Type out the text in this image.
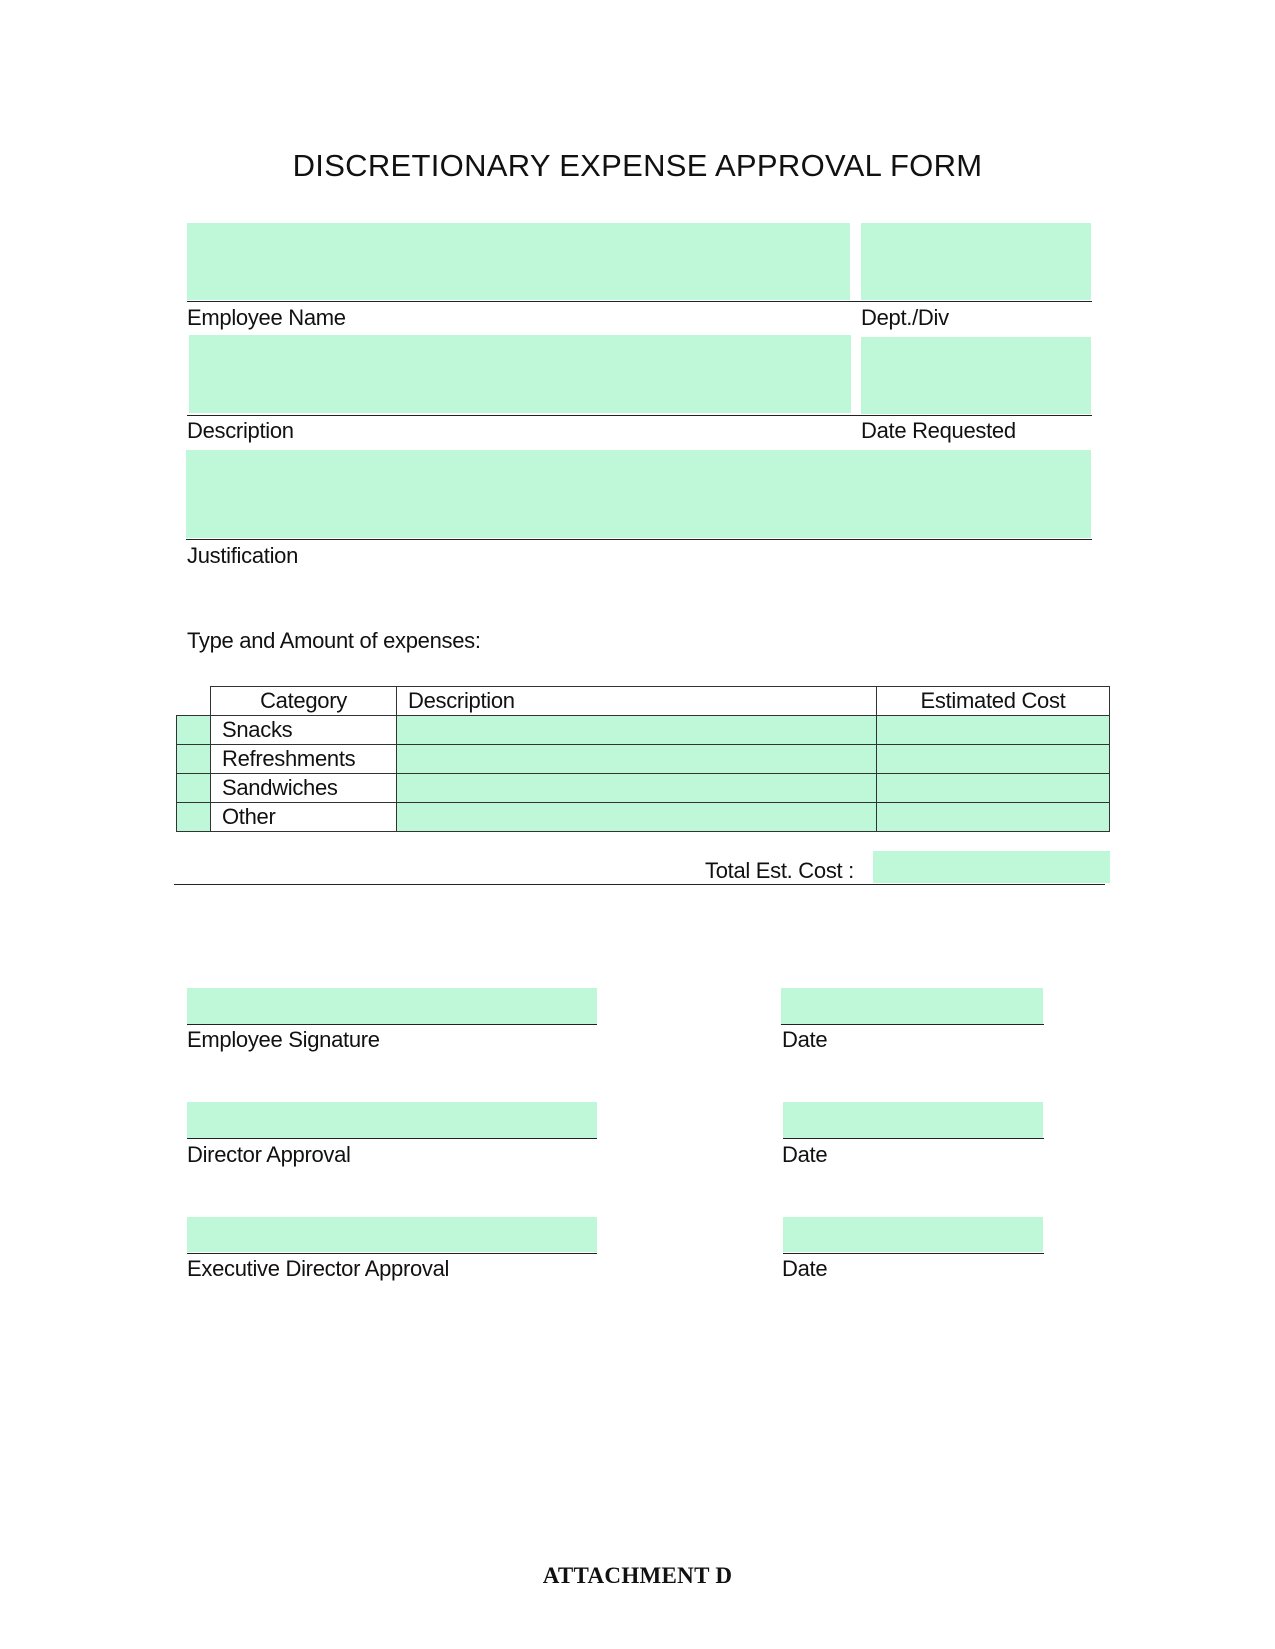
DISCRETIONARY EXPENSE APPROVAL FORM
Employee Name	Dept./Div
Description	Date Requested
Justification
Type and Amount of expenses:
	Category	Description	Estimated Cost
	Snacks		
	Refreshments		
	Sandwiches		
	Other		
Total Est. Cost :
Employee Signature	Date
Director Approval	Date
Executive Director Approval	Date
ATTACHMENT D
